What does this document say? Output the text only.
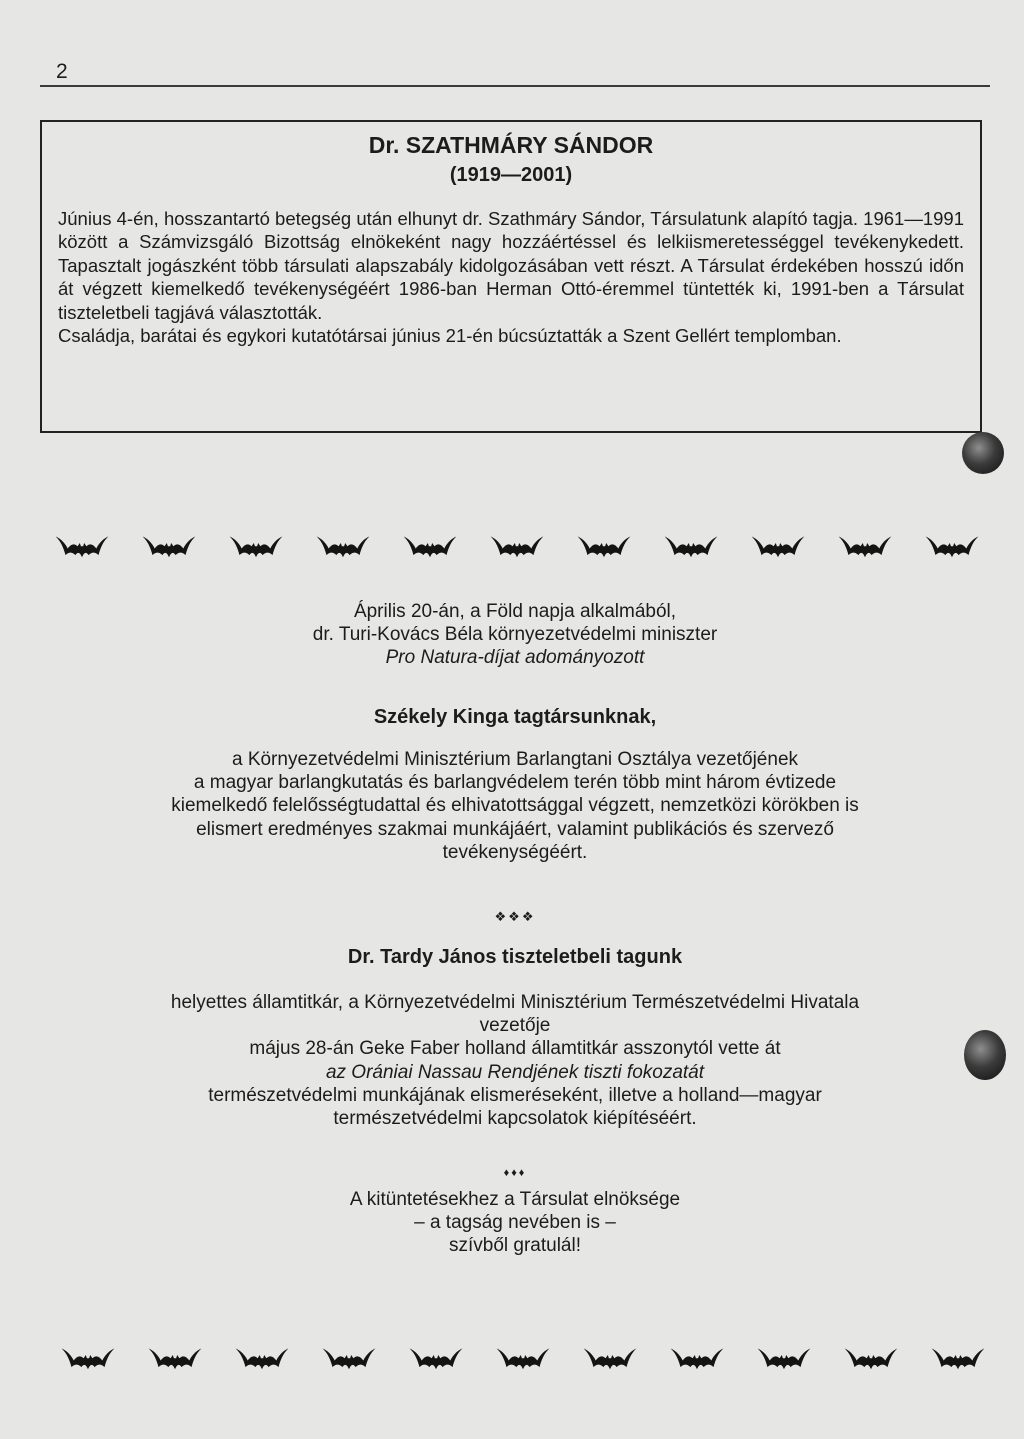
2
Dr. SZATHMÁRY SÁNDOR
(1919—2001)

Június 4-én, hosszantartó betegség után elhunyt dr. Szathmáry Sándor, Társulatunk alapító tagja. 1961—1991 között a Számvizsgáló Bizottság elnökeként nagy hozzáértéssel és lelkiismeretességgel tevékenykedett. Tapasztalt jogászként több társulati alapszabály kidolgozásában vett részt. A Társulat érdekében hosszú időn át végzett kiemelkedő tevékenységéért 1986-ban Herman Ottó-éremmel tüntették ki, 1991-ben a Társulat tiszteletbeli tagjává választották.

Családja, barátai és egykori kutatótársai június 21-én búcsúztatták a Szent Gellért templomban.

Április 20-án, a Föld napja alkalmából,
dr. Turi-Kovács Béla környezetvédelmi miniszter
Pro Natura-díjat adományozott
Székely Kinga tagtársunknak,
a Környezetvédelmi Minisztérium Barlangtani Osztálya vezetőjének
a magyar barlangkutatás és barlangvédelem terén több mint három évtizede
kiemelkedő felelősségtudattal és elhivatottsággal végzett, nemzetközi körökben is
elismert eredményes szakmai munkájáért, valamint publikációs és szervező
tevékenységéért.
❖❖❖
Dr. Tardy János tiszteletbeli tagunk
helyettes államtitkár, a Környezetvédelmi Minisztérium Természetvédelmi Hivatala
vezetője
május 28-án Geke Faber holland államtitkár asszonytól vette át
az Orániai Nassau Rendjének tiszti fokozatát
természetvédelmi munkájának elismeréseként, illetve a holland—magyar
természetvédelmi kapcsolatok kiépítéséért.
♦♦♦
A kitüntetésekhez a Társulat elnöksége
– a tagság nevében is –
szívből gratulál!
